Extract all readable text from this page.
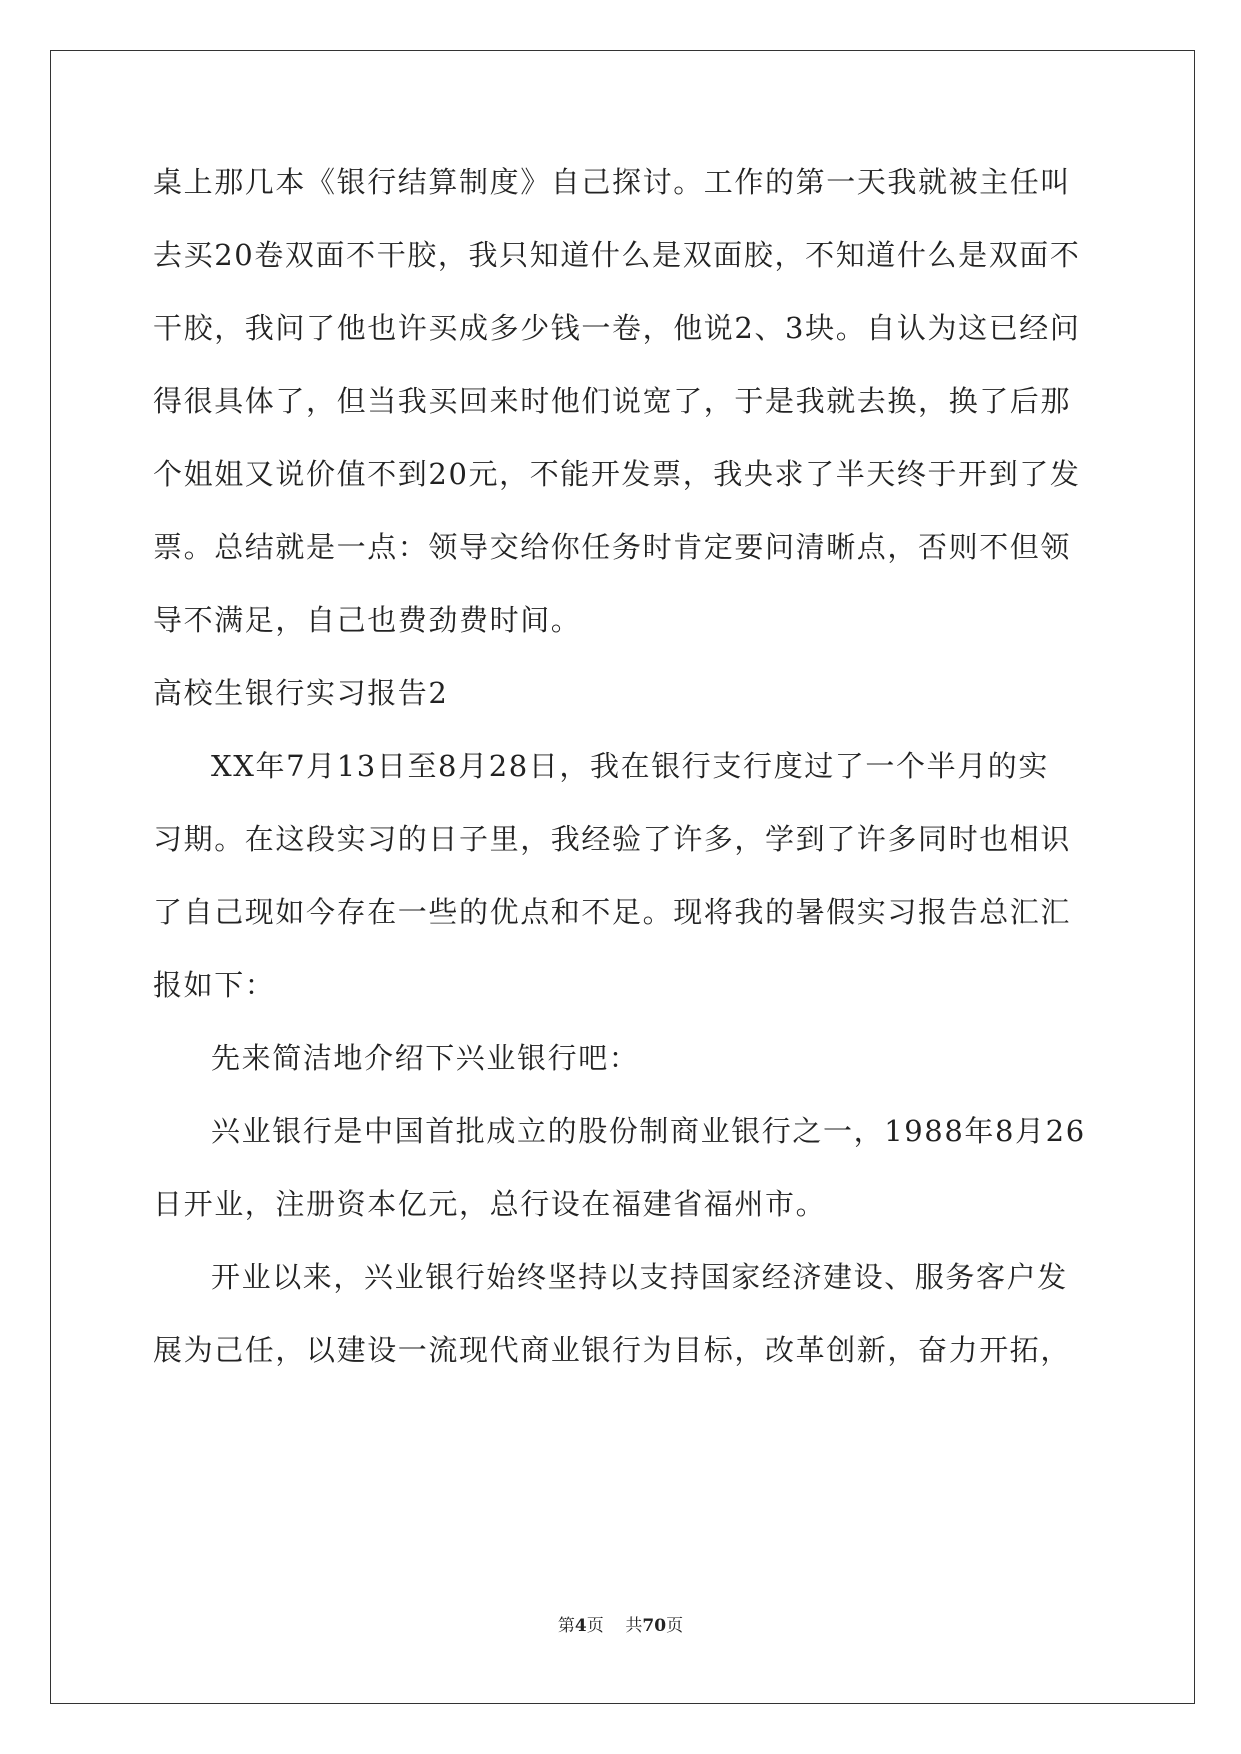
桌上那几本《银行结算制度》自己探讨。工作的第一天我就被主任叫
去买20卷双面不干胶，我只知道什么是双面胶，不知道什么是双面不
干胶，我问了他也许买成多少钱一卷，他说2、3块。自认为这已经问
得很具体了，但当我买回来时他们说宽了，于是我就去换，换了后那
个姐姐又说价值不到20元，不能开发票，我央求了半天终于开到了发
票。总结就是一点：领导交给你任务时肯定要问清晰点，否则不但领
导不满足，自己也费劲费时间。
高校生银行实习报告2
XX年7月13日至8月28日，我在银行支行度过了一个半月的实
习期。在这段实习的日子里，我经验了许多，学到了许多同时也相识
了自己现如今存在一些的优点和不足。现将我的暑假实习报告总汇汇
报如下：
先来简洁地介绍下兴业银行吧：
兴业银行是中国首批成立的股份制商业银行之一，1988年8月26
日开业，注册资本亿元，总行设在福建省福州市。
开业以来，兴业银行始终坚持以支持国家经济建设、服务客户发
展为己任，以建设一流现代商业银行为目标，改革创新，奋力开拓，
第4页 共70页
